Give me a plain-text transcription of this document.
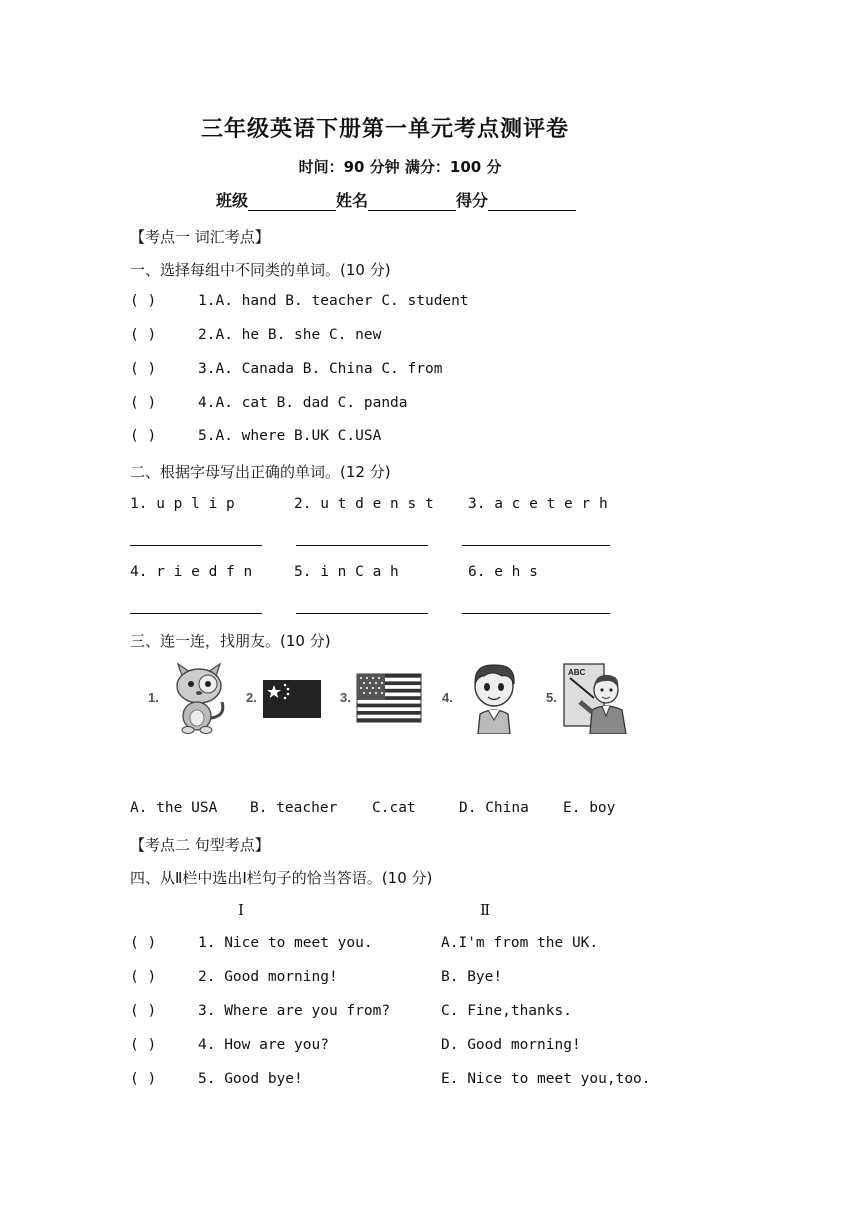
三年级英语下册第一单元考点测评卷
时间：90 分钟 满分：100 分
班级	姓名	得分
【考点一 词汇考点】
一、选择每组中不同类的单词。(10 分)
( )	1.A. hand B. teacher C. student
( )	2.A. he B. she C. new
( )	3.A. Canada B. China C. from
( )	4.A. cat B. dad C. panda
( )	5.A. where B.UK C.USA
二、根据字母写出正确的单词。(12 分)
1. u p l i p	2. u t d e n s t 3. a c e t e r h
4. r i e d f n	5. i n C a h	6. e h s
三、连一连，找朋友。(10 分)
1.	2.	3.	4.	5.
ABC
A. the USA B. teacher C.cat	D. China E. boy
【考点二 句型考点】
四、从Ⅱ栏中选出Ⅰ栏句子的恰当答语。(10 分)
Ⅰ	Ⅱ
( )	1. Nice to meet you.	A.I'm from the UK.
( )	2. Good morning!	B. Bye!
( )	3. Where are you from?	C. Fine,thanks.
( )	4. How are you?	D. Good morning!
( )	5. Good bye!	E. Nice to meet you,too.
